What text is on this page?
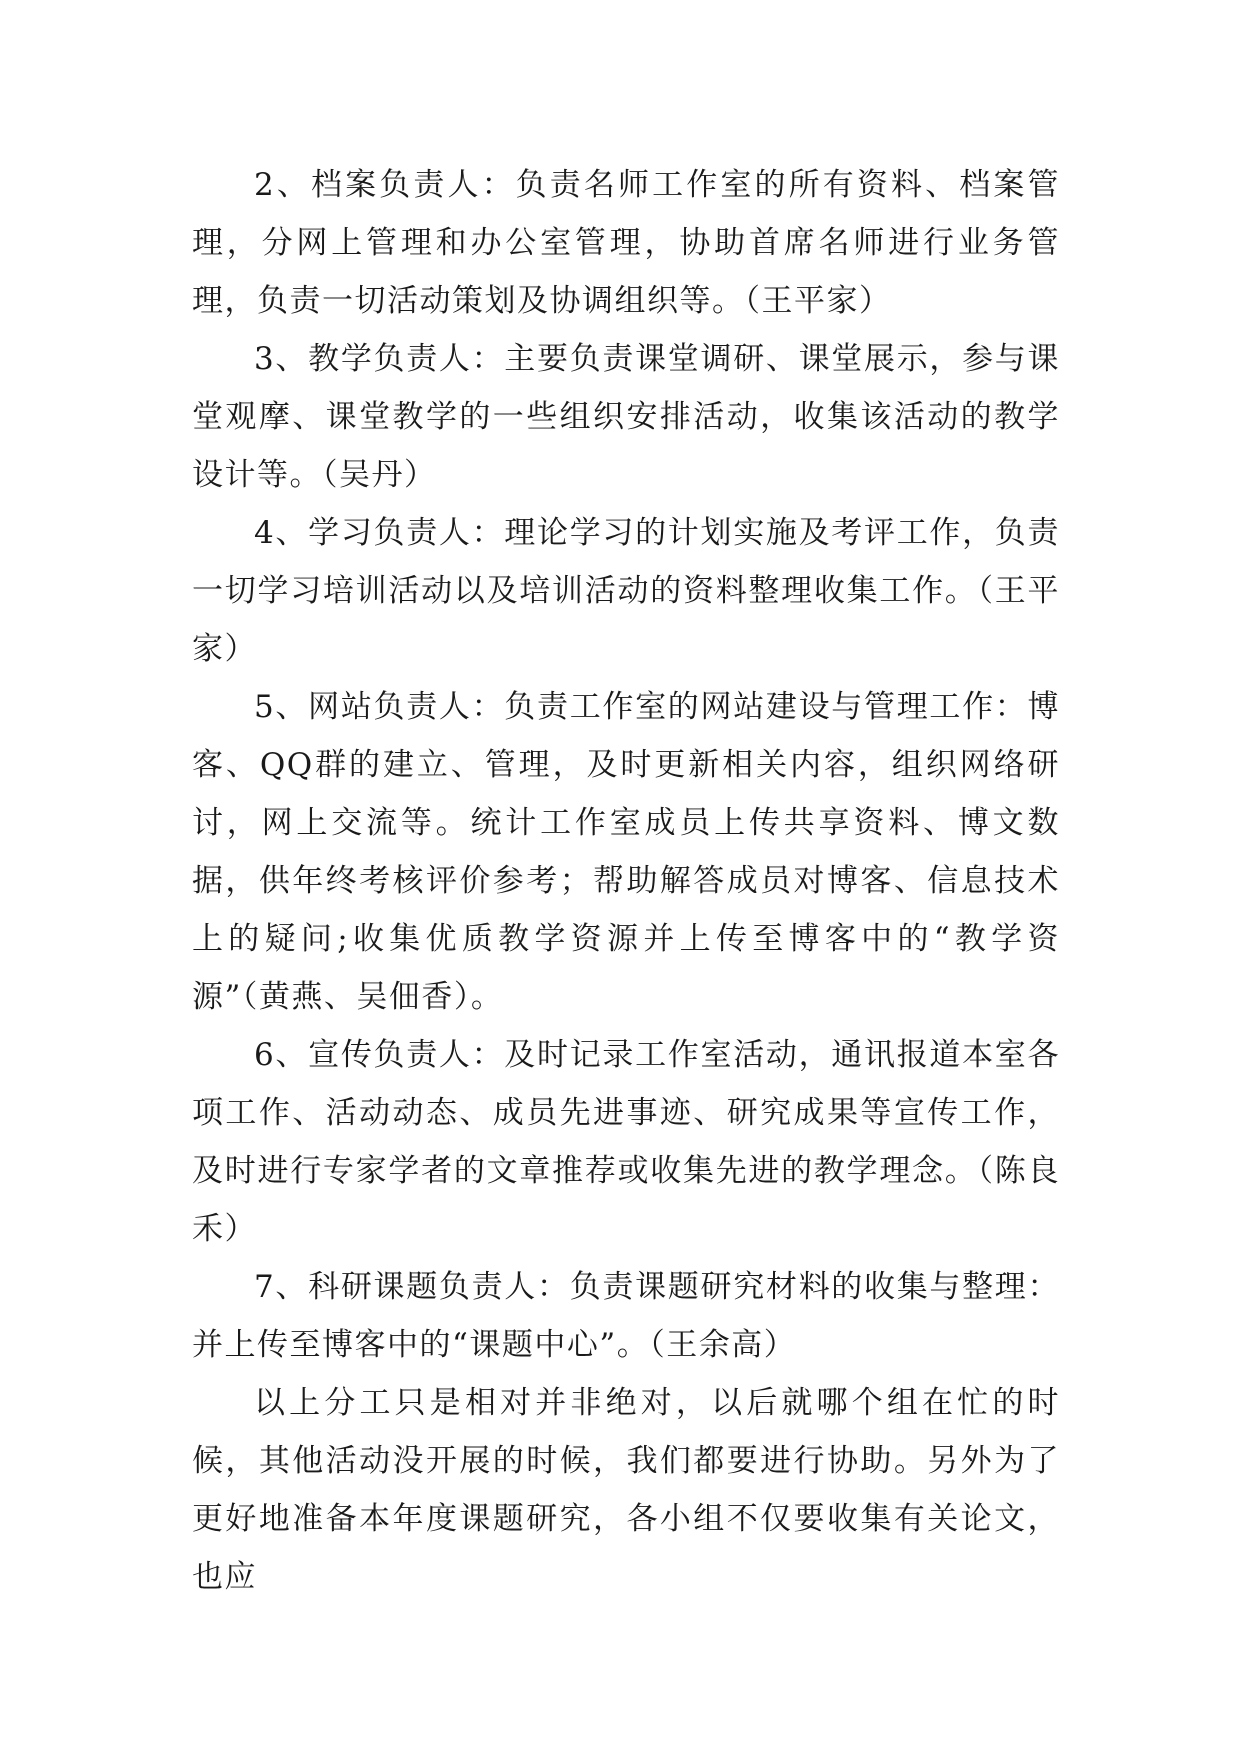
2、档案负责人：负责名师工作室的所有资料、档案管理，分网上管理和办公室管理，协助首席名师进行业务管理，负责一切活动策划及协调组织等。（王平家）

3、教学负责人：主要负责课堂调研、课堂展示，参与课堂观摩、课堂教学的一些组织安排活动，收集该活动的教学设计等。（吴丹）

4、学习负责人：理论学习的计划实施及考评工作，负责一切学习培训活动以及培训活动的资料整理收集工作。（王平家）

5、网站负责人：负责工作室的网站建设与管理工作：博客、QQ群的建立、管理，及时更新相关内容，组织网络研讨，网上交流等。统计工作室成员上传共享资料、博文数据，供年终考核评价参考；帮助解答成员对博客、信息技术上的疑问;收集优质教学资源并上传至博客中的“教学资源”（黄燕、吴佃香）。

6、宣传负责人：及时记录工作室活动，通讯报道本室各项工作、活动动态、成员先进事迹、研究成果等宣传工作，及时进行专家学者的文章推荐或收集先进的教学理念。（陈良禾）

7、科研课题负责人：负责课题研究材料的收集与整理：并上传至博客中的“课题中心”。（王余高）

以上分工只是相对并非绝对，以后就哪个组在忙的时候，其他活动没开展的时候，我们都要进行协助。另外为了更好地准备本年度课题研究，各小组不仅要收集有关论文，也应
